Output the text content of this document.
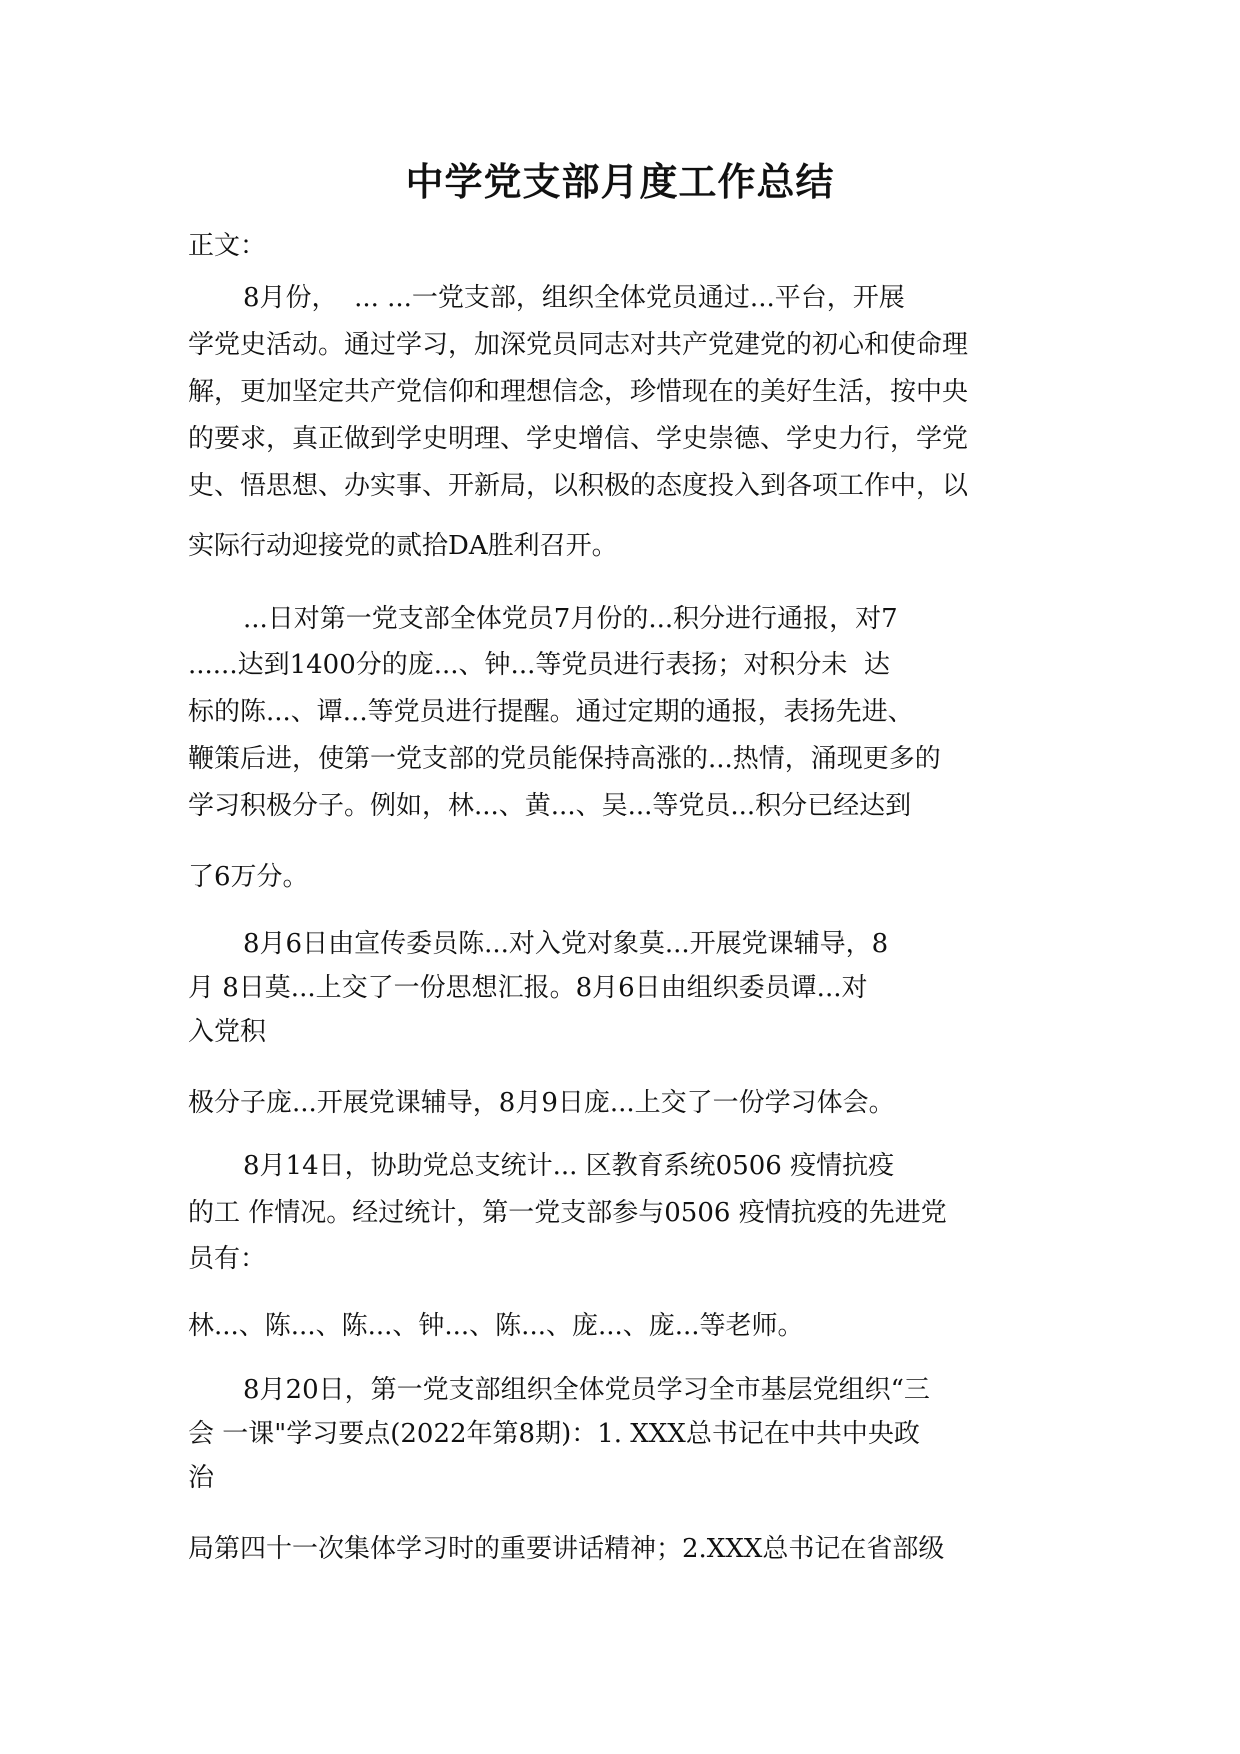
中学党支部月度工作总结

正文：

8月份，  ... ...一党支部，组织全体党员通过...平台，开展

学党史活动。通过学习，加深党员同志对共产党建党的初心和使命理

解，更加坚定共产党信仰和理想信念，珍惜现在的美好生活，按中央

的要求，真正做到学史明理、学史增信、学史崇德、学史力行，学党

史、悟思想、办实事、开新局，以积极的态度投入到各项工作中，以

实际行动迎接党的贰拾DA胜利召开。

...日对第一党支部全体党员7月份的...积分进行通报，对7

......达到1400分的庞...、钟...等党员进行表扬；对积分未  达

标的陈...、谭...等党员进行提醒。通过定期的通报，表扬先进、

鞭策后进，使第一党支部的党员能保持高涨的...热情，涌现更多的

学习积极分子。例如，林...、黄...、吴...等党员...积分已经达到

了6万分。

8月6日由宣传委员陈...对入党对象莫...开展党课辅导，8

月 8日莫...上交了一份思想汇报。8月6日由组织委员谭...对

入党积

极分子庞...开展党课辅导，8月9日庞...上交了一份学习体会。

8月14日，协助党总支统计... 区教育系统0506 疫情抗疫

的工 作情况。经过统计，第一党支部参与0506 疫情抗疫的先进党

员有：

林...、陈...、陈...、钟...、陈...、庞...、庞...等老师。

8月20日，第一党支部组织全体党员学习全市基层党组织“三

会 一课"学习要点(2022年第8期)：1. XXX总书记在中共中央政

治

局第四十一次集体学习时的重要讲话精神；2.XXX总书记在省部级
